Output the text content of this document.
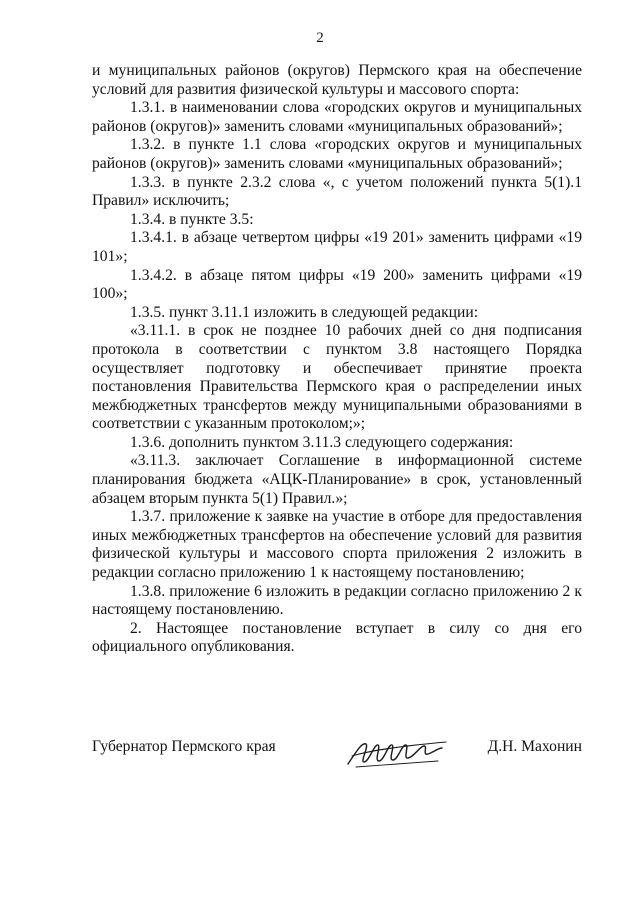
2

и муниципальных районов (округов) Пермского края на обеспечение условий для развития физической культуры и массового спорта:

1.3.1. в наименовании слова «городских округов и муниципальных районов (округов)» заменить словами «муниципальных образований»;

1.3.2. в пункте 1.1 слова «городских округов и муниципальных районов (округов)» заменить словами «муниципальных образований»;

1.3.3. в пункте 2.3.2 слова «, с учетом положений пункта 5(1).1 Правил» исключить;

1.3.4. в пункте 3.5:

1.3.4.1. в абзаце четвертом цифры «19 201» заменить цифрами «19 101»;

1.3.4.2. в абзаце пятом цифры «19 200» заменить цифрами «19 100»;

1.3.5. пункт 3.11.1 изложить в следующей редакции:

«3.11.1. в срок не позднее 10 рабочих дней со дня подписания протокола в соответствии с пунктом 3.8 настоящего Порядка осуществляет подготовку и обеспечивает принятие проекта постановления Правительства Пермского края о распределении иных межбюджетных трансфертов между муниципальными образованиями в соответствии с указанным протоколом;»;

1.3.6. дополнить пунктом 3.11.3 следующего содержания:

«3.11.3. заключает Соглашение в информационной системе планирования бюджета «АЦК-Планирование» в срок, установленный абзацем вторым пункта 5(1) Правил.»;

1.3.7. приложение к заявке на участие в отборе для предоставления иных межбюджетных трансфертов на обеспечение условий для развития физической культуры и массового спорта приложения 2 изложить в редакции согласно приложению 1 к настоящему постановлению;

1.3.8. приложение 6 изложить в редакции согласно приложению 2 к настоящему постановлению.

2. Настоящее постановление вступает в силу со дня его официального опубликования.

Губернатор Пермского края	Д.Н. Махонин
